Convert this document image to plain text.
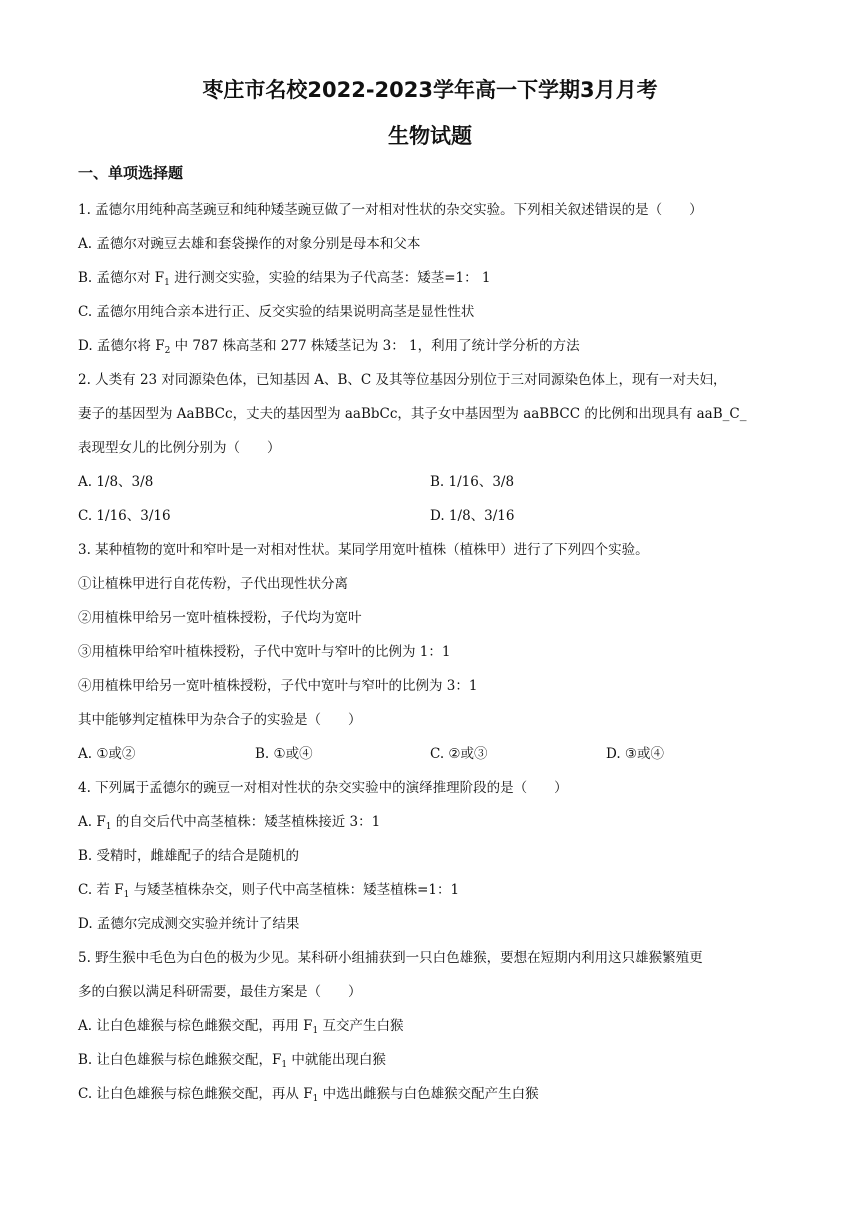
枣庄市名校2022-2023学年高一下学期3月月考
生物试题
一、单项选择题
1. 孟德尔用纯种高茎豌豆和纯种矮茎豌豆做了一对相对性状的杂交实验。下列相关叙述错误的是（　　）
A. 孟德尔对豌豆去雄和套袋操作的对象分别是母本和父本
B. 孟德尔对 $F_1$ 进行测交实验，实验的结果为子代高茎：矮茎=1： 1
C. 孟德尔用纯合亲本进行正、反交实验的结果说明高茎是显性性状
D. 孟德尔将 $F_2$ 中 787 株高茎和 277 株矮茎记为 3： 1，利用了统计学分析的方法
2. 人类有 23 对同源染色体，已知基因 A、B、C 及其等位基因分别位于三对同源染色体上，现有一对夫妇，
妻子的基因型为 AaBBCc，丈夫的基因型为 aaBbCc，其子女中基因型为 aaBBCC 的比例和出现具有 aaB_C_
表现型女儿的比例分别为（　　）
A. 1/8、3/8	B. 1/16、3/8
C. 1/16、3/16	D. 1/8、3/16
3. 某种植物的宽叶和窄叶是一对相对性状。某同学用宽叶植株（植株甲）进行了下列四个实验。
①让植株甲进行自花传粉，子代出现性状分离
②用植株甲给另一宽叶植株授粉，子代均为宽叶
③用植株甲给窄叶植株授粉，子代中宽叶与窄叶的比例为 1：1
④用植株甲给另一宽叶植株授粉，子代中宽叶与窄叶的比例为 3：1
其中能够判定植株甲为杂合子的实验是（　　）
A. ①或②	B. ①或④	C. ②或③	D. ③或④
4. 下列属于孟德尔的豌豆一对相对性状的杂交实验中的演绎推理阶段的是（　　）
A. $F_1$ 的自交后代中高茎植株：矮茎植株接近 3：1
B. 受精时，雌雄配子的结合是随机的
C. 若 $F_1$ 与矮茎植株杂交，则子代中高茎植株：矮茎植株=1：1
D. 孟德尔完成测交实验并统计了结果
5. 野生猴中毛色为白色的极为少见。某科研小组捕获到一只白色雄猴，要想在短期内利用这只雄猴繁殖更
多的白猴以满足科研需要，最佳方案是（　　）
A. 让白色雄猴与棕色雌猴交配，再用 $F_1$ 互交产生白猴
B. 让白色雄猴与棕色雌猴交配，$F_1$ 中就能出现白猴
C. 让白色雄猴与棕色雌猴交配，再从 $F_1$ 中选出雌猴与白色雄猴交配产生白猴
